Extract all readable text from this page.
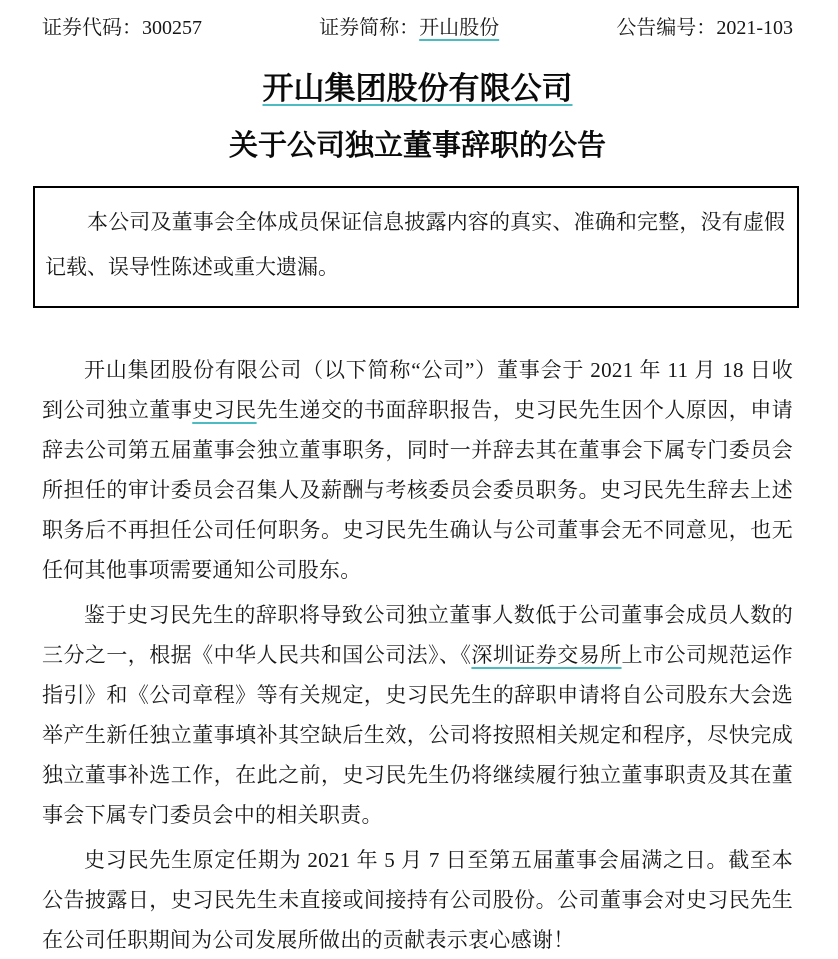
证券代码：300257	证券简称：开山股份	公告编号：2021-103
开山集团股份有限公司
关于公司独立董事辞职的公告

本公司及董事会全体成员保证信息披露内容的真实、准确和完整，没有虚假记载、误导性陈述或重大遗漏。

开山集团股份有限公司（以下简称“公司”）董事会于 2021 年 11 月 18 日收到公司独立董事史习民先生递交的书面辞职报告，史习民先生因个人原因，申请辞去公司第五届董事会独立董事职务，同时一并辞去其在董事会下属专门委员会所担任的审计委员会召集人及薪酬与考核委员会委员职务。史习民先生辞去上述职务后不再担任公司任何职务。史习民先生确认与公司董事会无不同意见，也无任何其他事项需要通知公司股东。

鉴于史习民先生的辞职将导致公司独立董事人数低于公司董事会成员人数的三分之一，根据《中华人民共和国公司法》、《深圳证券交易所上市公司规范运作指引》和《公司章程》等有关规定，史习民先生的辞职申请将自公司股东大会选举产生新任独立董事填补其空缺后生效，公司将按照相关规定和程序，尽快完成独立董事补选工作，在此之前，史习民先生仍将继续履行独立董事职责及其在董事会下属专门委员会中的相关职责。

史习民先生原定任期为 2021 年 5 月 7 日至第五届董事会届满之日。截至本公告披露日，史习民先生未直接或间接持有公司股份。公司董事会对史习民先生在公司任职期间为公司发展所做出的贡献表示衷心感谢！
